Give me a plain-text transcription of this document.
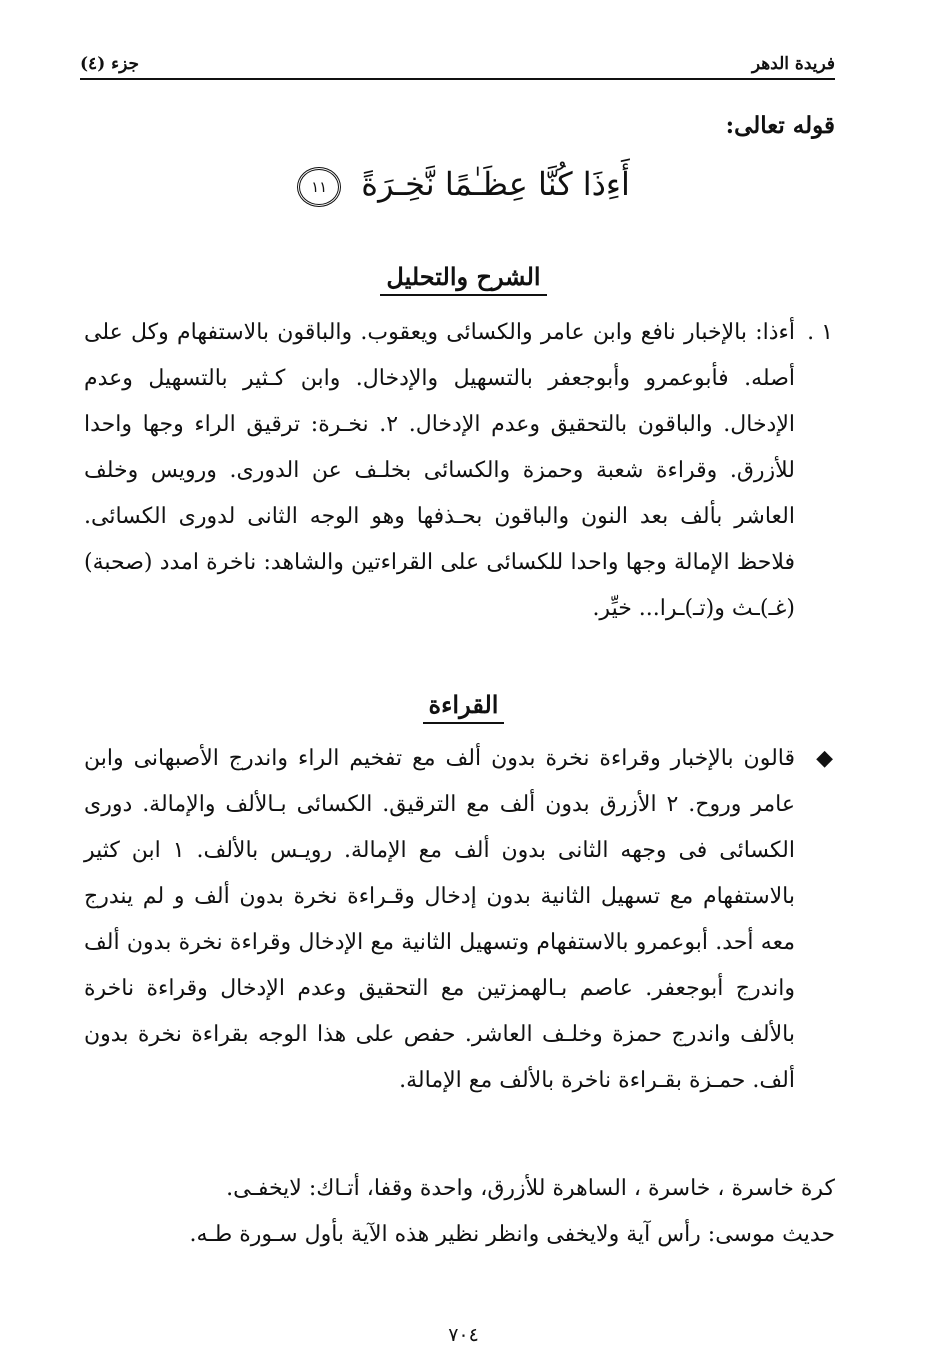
فريدة الدهر
جزء (٤)
قوله تعالى:
أَءِذَا كُنَّا عِظَـٰمًا نَّخِـرَةً ١١
الشرح والتحليل
١ .

أءذا: بالإخبار نافع وابن عامر والكسائى ويعقوب. والباقون بالاستفهام وكل على أصله. فأبوعمرو وأبوجعفر بالتسهيل والإدخال. وابن كـثير بالتسهيل وعدم الإدخال. والباقون بالتحقيق وعدم الإدخال. ٢. نخـرة: ترقيق الراء وجها واحدا للأزرق. وقراءة شعبة وحمزة والكسائى بخلـف عن الدورى. ورويس وخلف العاشر بألف بعد النون والباقون بحـذفها وهو الوجه الثانى لدورى الكسائى. فلاحظ الإمالة وجها واحدا للكسائى على القراءتين والشاهد: ناخرة امدد (صحبة) (غـ)ـث و(تـ)ـرا... خيِّر.

القراءة
◆

قالون بالإخبار وقراءة نخرة بدون ألف مع تفخيم الراء واندرج الأصبهانى وابن عامر وروح. ٢ الأزرق بدون ألف مع الترقيق. الكسائى بـالألف والإمالة. دورى الكسائى فى وجهه الثانى بدون ألف مع الإمالة. رويـس بالألف. ١ ابن كثير بالاستفهام مع تسهيل الثانية بدون إدخال وقـراءة نخرة بدون ألف و لم يندرج معه أحد. أبوعمرو بالاستفهام وتسهيل الثانية مع الإدخال وقراءة نخرة بدون ألف واندرج أبوجعفر. عاصم بـالهمزتين مع التحقيق وعدم الإدخال وقراءة ناخرة بالألف واندرج حمزة وخلـف العاشر. حفص على هذا الوجه بقراءة نخرة بدون ألف. حمـزة بقـراءة ناخرة بالألف مع الإمالة.

كرة خاسرة ، خاسرة ، الساهرة للأزرق، واحدة وقفا، أتـاك: لايخفـى.

حديث موسى: رأس آية ولايخفى وانظر نظير هذه الآية بأول سـورة طـه.

٧٠٤
